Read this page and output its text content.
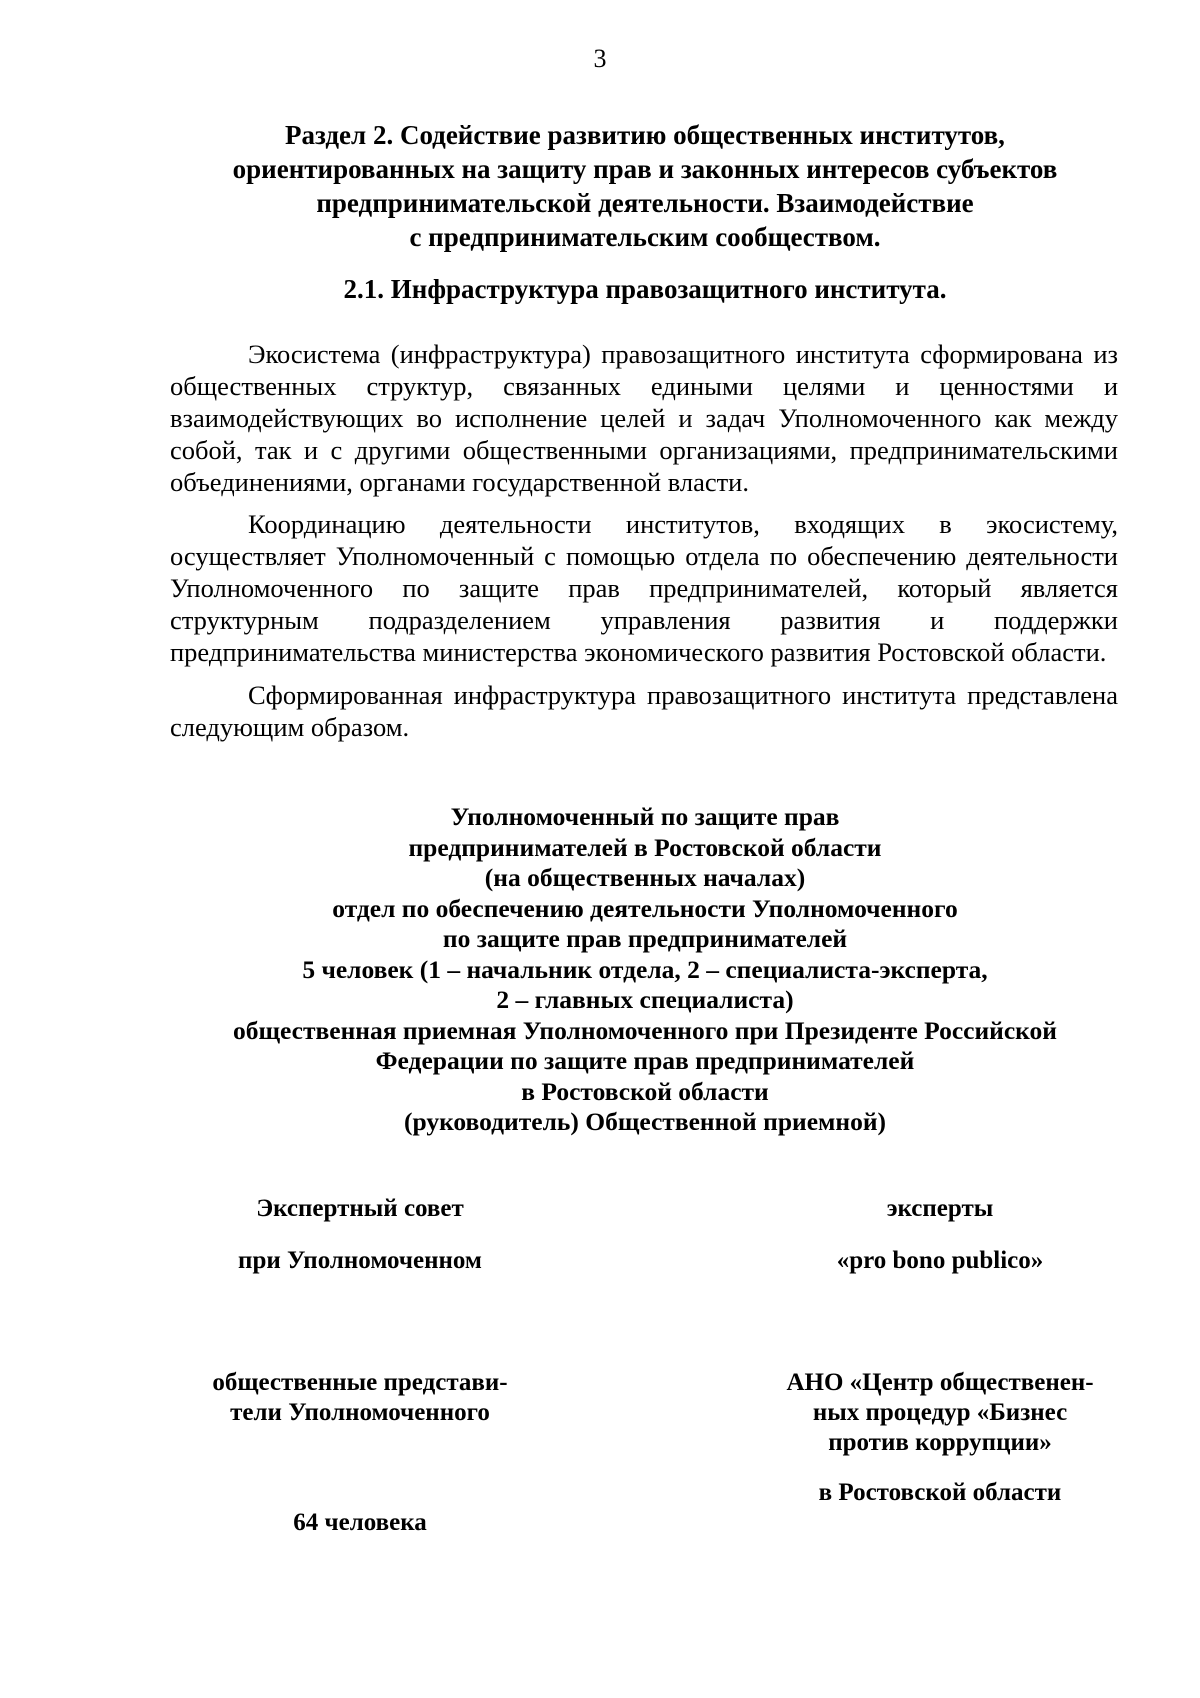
3
Раздел 2. Содействие развитию общественных институтов,
ориентированных на защиту прав и законных интересов субъектов
предпринимательской деятельности. Взаимодействие
с предпринимательским сообществом.
2.1. Инфраструктура правозащитного института.

Экосистема (инфраструктура) правозащитного института сформирована из общественных структур, связанных едиными целями и ценностями и взаимодействующих во исполнение целей и задач Уполномоченного как между собой, так и с другими общественными организациями, предпринимательскими объединениями, органами государственной власти.

Координацию деятельности институтов, входящих в экосистему, осуществляет Уполномоченный с помощью отдела по обеспечению деятельности Уполномоченного по защите прав предпринимателей, который является структурным подразделением управления развития и поддержки предпринимательства министерства экономического развития Ростовской области.

Сформированная инфраструктура правозащитного института представлена следующим образом.

Уполномоченный по защите прав
предпринимателей в Ростовской области
(на общественных началах)
отдел по обеспечению деятельности Уполномоченного
по защите прав предпринимателей
5 человек (1 – начальник отдела, 2 – специалиста-эксперта,
2 – главных специалиста)
общественная приемная Уполномоченного при Президенте Российской
Федерации по защите прав предпринимателей
в Ростовской области
(руководитель) Общественной приемной)
Экспертный совет
при Уполномоченном
эксперты
«pro bono publico»
общественные представи-
тели Уполномоченного
64 человека
АНО «Центр общественен-
ных процедур «Бизнес
против коррупции»
в Ростовской области
